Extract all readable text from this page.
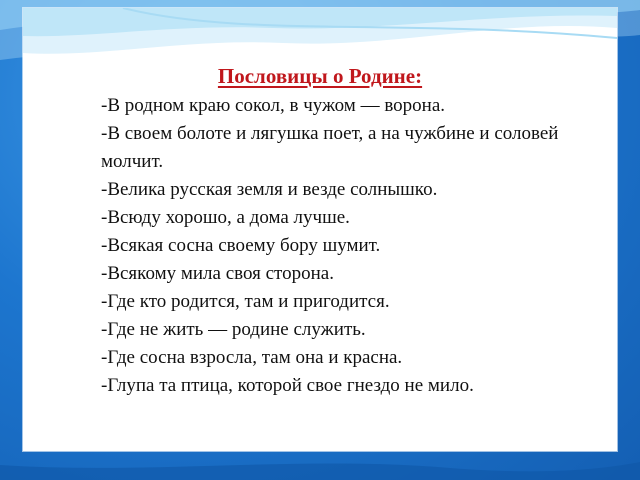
Пословицы о Родине:
-В родном краю сокол, в чужом — ворона.
-В своем болоте и лягушка поет, а на чужбине и соловей молчит.
-Велика русская земля и везде солнышко.
-Всюду хорошо, а дома лучше.
-Всякая сосна своему бору шумит.
-Всякому мила своя сторона.
-Где кто родится, там и пригодится.
-Где не жить — родине служить.
-Где сосна взросла, там она и красна.
-Глупа та птица, которой свое гнездо не мило.
